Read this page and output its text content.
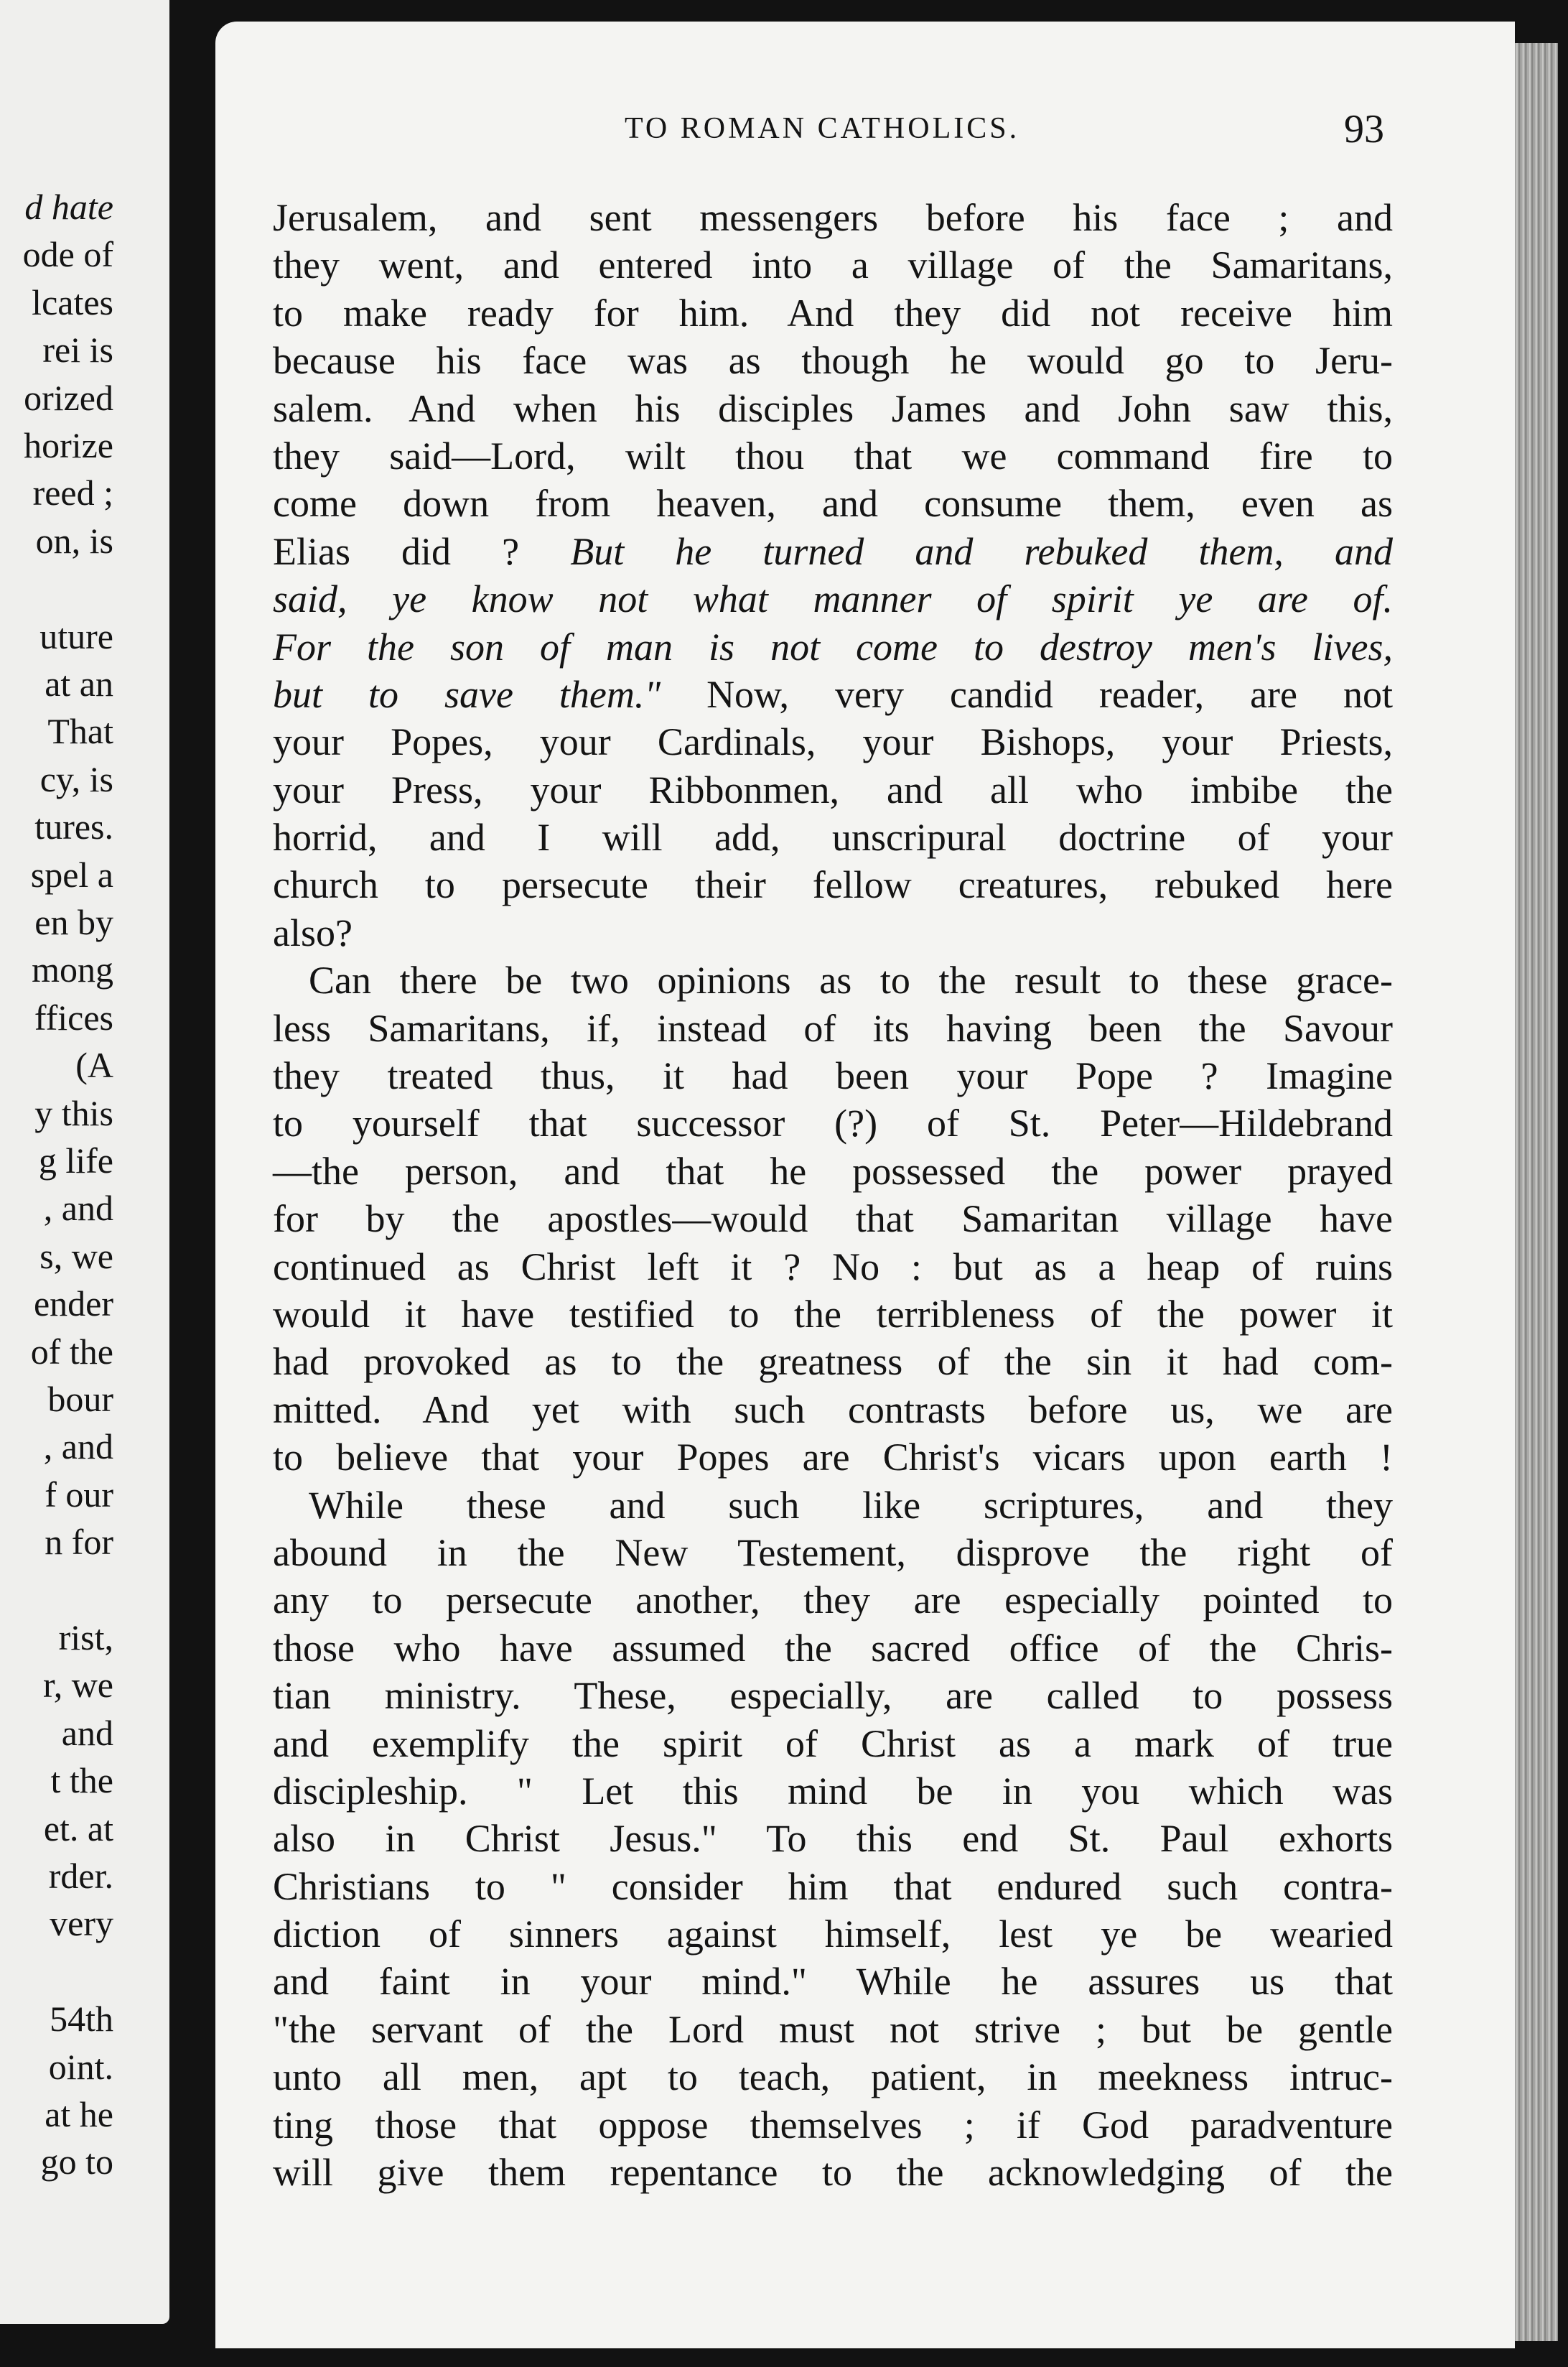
d hate
ode of
lcates
rei is
orized
horize
reed ;
on, is
uture
at an
That
cy, is
tures.
spel a
en by
mong
ffices
(A
y this
g life
, and
s, we
ender
of the
bour
, and
f our
n for
rist,
r, we
and
t the
et. at
rder.
very
54th
oint.
at he
go to
TO ROMAN CATHOLICS.	93
Jerusalem, and sent messengers before his face ; and
they went, and entered into a village of the Samaritans,
to make ready for him. And they did not receive him
because his face was as though he would go to Jeru-
salem. And when his disciples James and John saw this,
they said—Lord, wilt thou that we command fire to
come down from heaven, and consume them, even as
Elias did ? But he turned and rebuked them, and
said, ye know not what manner of spirit ye are of.
For the son of man is not come to destroy men's lives,
but to save them." Now, very candid reader, are not
your Popes, your Cardinals, your Bishops, your Priests,
your Press, your Ribbonmen, and all who imbibe the
horrid, and I will add, unscripural doctrine of your
church to persecute their fellow creatures, rebuked here
also?
Can there be two opinions as to the result to these grace-
less Samaritans, if, instead of its having been the Savour
they treated thus, it had been your Pope ? Imagine
to yourself that successor (?) of St. Peter—Hildebrand
—the person, and that he possessed the power prayed
for by the apostles—would that Samaritan village have
continued as Christ left it ? No : but as a heap of ruins
would it have testified to the terribleness of the power it
had provoked as to the greatness of the sin it had com-
mitted. And yet with such contrasts before us, we are
to believe that your Popes are Christ's vicars upon earth !
While these and such like scriptures, and they
abound in the New Testement, disprove the right of
any to persecute another, they are especially pointed to
those who have assumed the sacred office of the Chris-
tian ministry. These, especially, are called to possess
and exemplify the spirit of Christ as a mark of true
discipleship. " Let this mind be in you which was
also in Christ Jesus." To this end St. Paul exhorts
Christians to " consider him that endured such contra-
diction of sinners against himself, lest ye be wearied
and faint in your mind." While he assures us that
"the servant of the Lord must not strive ; but be gentle
unto all men, apt to teach, patient, in meekness intruc-
ting those that oppose themselves ; if God paradventure
will give them repentance to the acknowledging of the
